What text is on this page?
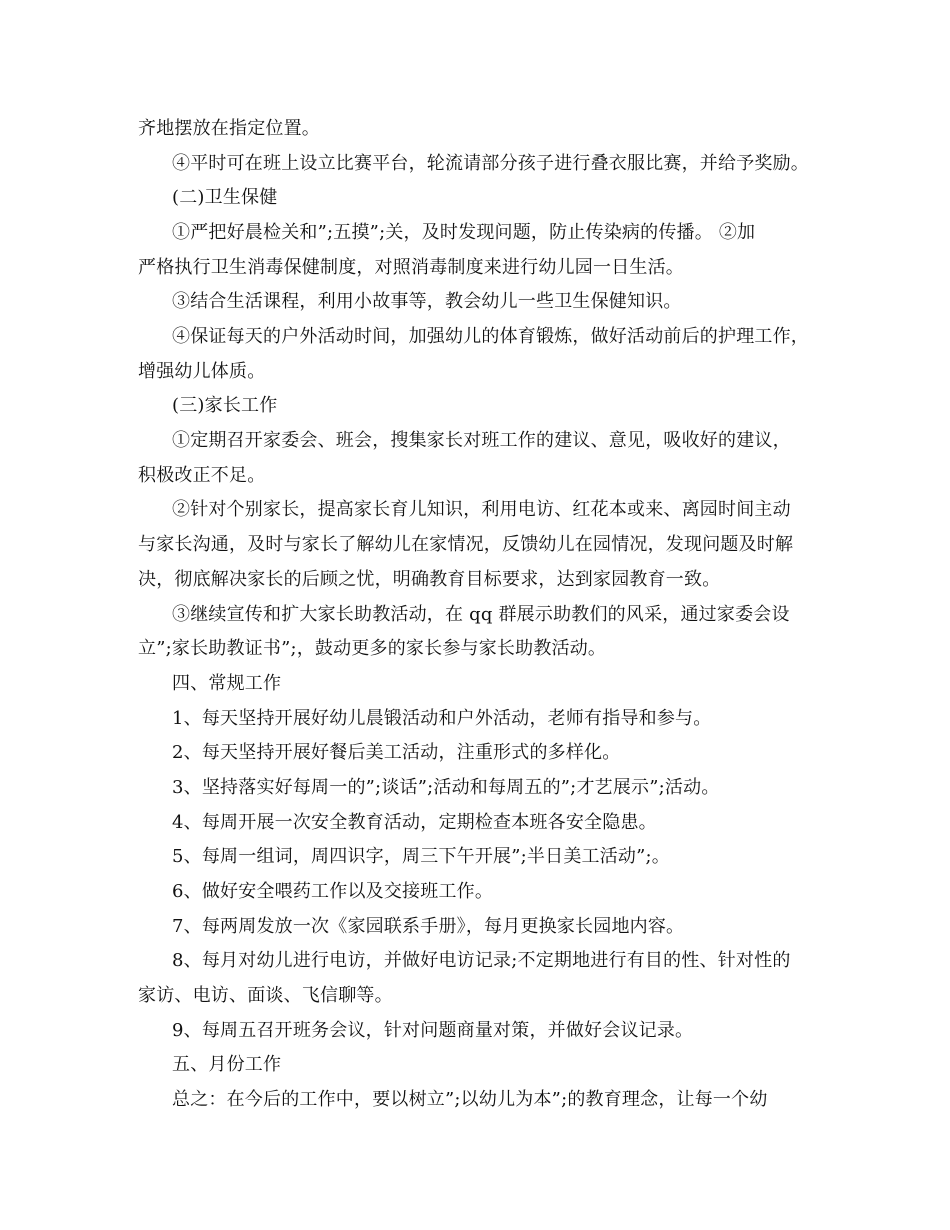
齐地摆放在指定位置。
④平时可在班上设立比赛平台，轮流请部分孩子进行叠衣服比赛，并给予奖励。
(二)卫生保健
①严把好晨检关和”;五摸”;关，及时发现问题，防止传染病的传播。 ②加
严格执行卫生消毒保健制度，对照消毒制度来进行幼儿园一日生活。
③结合生活课程，利用小故事等，教会幼儿一些卫生保健知识。
④保证每天的户外活动时间，加强幼儿的体育锻炼，做好活动前后的护理工作，
增强幼儿体质。
(三)家长工作
①定期召开家委会、班会，搜集家长对班工作的建议、意见，吸收好的建议，
积极改正不足。
②针对个别家长，提高家长育儿知识，利用电访、红花本或来、离园时间主动
与家长沟通，及时与家长了解幼儿在家情况，反馈幼儿在园情况，发现问题及时解
决，彻底解决家长的后顾之忧，明确教育目标要求，达到家园教育一致。
③继续宣传和扩大家长助教活动，在 qq 群展示助教们的风采，通过家委会设
立”;家长助教证书”;，鼓动更多的家长参与家长助教活动。
四、常规工作
1、每天坚持开展好幼儿晨锻活动和户外活动，老师有指导和参与。
2、每天坚持开展好餐后美工活动，注重形式的多样化。
3、坚持落实好每周一的”;谈话”;活动和每周五的”;才艺展示”;活动。
4、每周开展一次安全教育活动，定期检查本班各安全隐患。
5、每周一组词，周四识字，周三下午开展”;半日美工活动”;。
6、做好安全喂药工作以及交接班工作。
7、每两周发放一次《家园联系手册》，每月更换家长园地内容。
8、每月对幼儿进行电访，并做好电访记录;不定期地进行有目的性、针对性的
家访、电访、面谈、飞信聊等。
9、每周五召开班务会议，针对问题商量对策，并做好会议记录。
五、月份工作
总之：在今后的工作中，要以树立”;以幼儿为本”;的教育理念，让每一个幼
